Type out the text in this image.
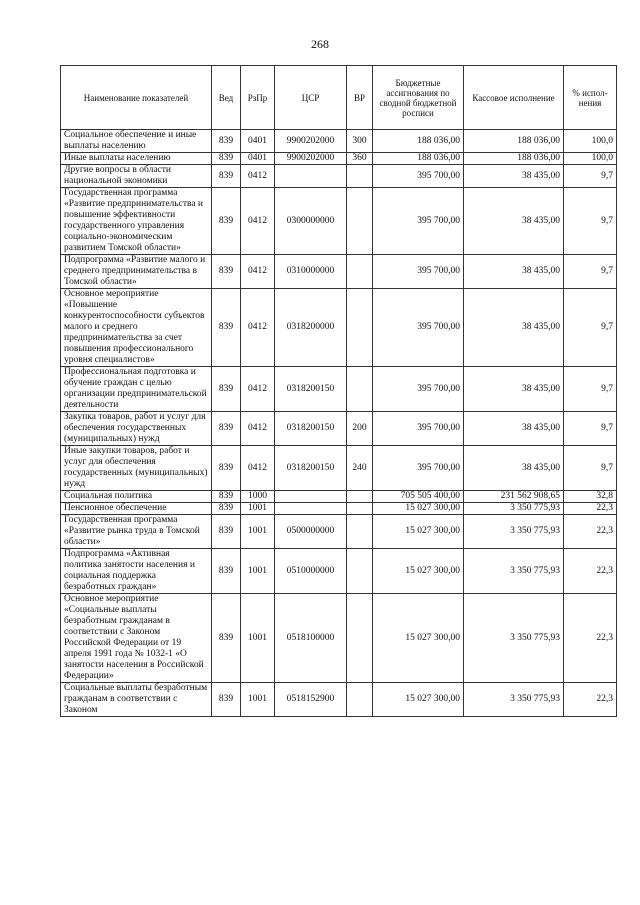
268
Наименование показателей	Вед	РзПр	ЦСР	ВР	Бюджетные ассигнования по сводной бюджетной росписи	Кассовое исполнение	% испол-нения
Социальное обеспечение и иные выплаты населению	839	0401	9900202000	300	188 036,00	188 036,00	100,0
Иные выплаты населению	839	0401	9900202000	360	188 036,00	188 036,00	100,0
Другие вопросы в области национальной экономики	839	0412			395 700,00	38 435,00	9,7
Государственная программа «Развитие предпринимательства и повышение эффективности государственного управления социально-экономическим развитием Томской области»	839	0412	0300000000		395 700,00	38 435,00	9,7
Подпрограмма «Развитие малого и среднего предпринимательства в Томской области»	839	0412	0310000000		395 700,00	38 435,00	9,7
Основное мероприятие «Повышение конкурентоспособности субъектов малого и среднего предпринимательства за счет повышения профессионального уровня специалистов»	839	0412	0318200000		395 700,00	38 435,00	9,7
Профессиональная подготовка и обучение граждан с целью организации предпринимательской деятельности	839	0412	0318200150		395 700,00	38 435,00	9,7
Закупка товаров, работ и услуг для обеспечения государственных (муниципальных) нужд	839	0412	0318200150	200	395 700,00	38 435,00	9,7
Иные закупки товаров, работ и услуг для обеспечения государственных (муниципальных) нужд	839	0412	0318200150	240	395 700,00	38 435,00	9,7
Социальная политика	839	1000			705 505 400,00	231 562 908,65	32,8
Пенсионное обеспечение	839	1001			15 027 300,00	3 350 775,93	22,3
Государственная программа «Развитие рынка труда в Томской области»	839	1001	0500000000		15 027 300,00	3 350 775,93	22,3
Подпрограмма «Активная политика занятости населения и социальная поддержка безработных граждан»	839	1001	0510000000		15 027 300,00	3 350 775,93	22,3
Основное мероприятие «Социальные выплаты безработным гражданам в соответствии с Законом Российской Федерации от 19 апреля 1991 года № 1032-1 «О занятости населения в Российской Федерации»	839	1001	0518100000		15 027 300,00	3 350 775,93	22,3
Социальные выплаты безработным гражданам в соответствии с Законом	839	1001	0518152900		15 027 300,00	3 350 775,93	22,3
